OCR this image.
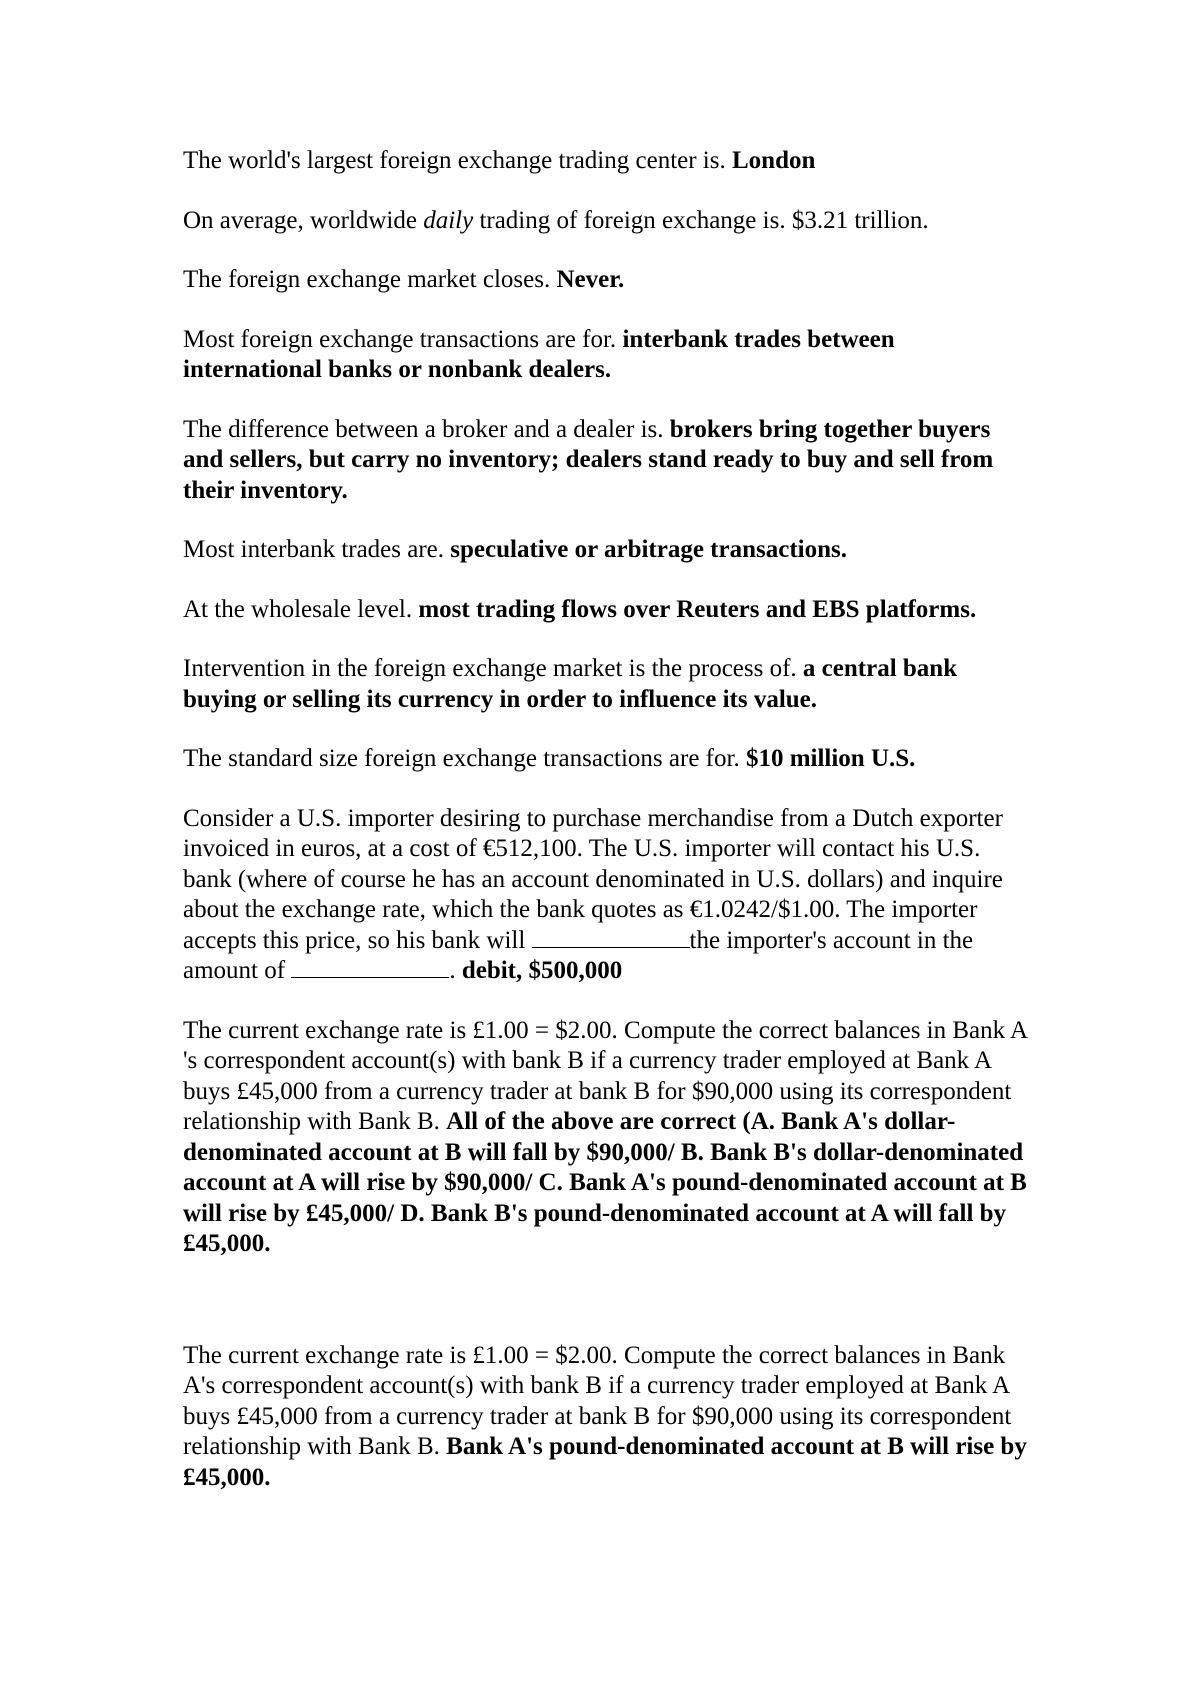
The world's largest foreign exchange trading center is. London

On average, worldwide daily trading of foreign exchange is. $3.21 trillion.

The foreign exchange market closes. Never.

Most foreign exchange transactions are for. interbank trades between international banks or nonbank dealers.

The difference between a broker and a dealer is. brokers bring together buyers and sellers, but carry no inventory; dealers stand ready to buy and sell from their inventory.

Most interbank trades are. speculative or arbitrage transactions.

At the wholesale level. most trading flows over Reuters and EBS platforms.

Intervention in the foreign exchange market is the process of. a central bank buying or selling its currency in order to influence its value.

The standard size foreign exchange transactions are for. $10 million U.S.

Consider a U.S. importer desiring to purchase merchandise from a Dutch exporter invoiced in euros, at a cost of €512,100. The U.S. importer will contact his U.S. bank (where of course he has an account denominated in U.S. dollars) and inquire about the exchange rate, which the bank quotes as €1.0242/$1.00. The importer accepts this price, so his bank will	the importer's account in the amount of	. debit, $500,000

The current exchange rate is £1.00 = $2.00. Compute the correct balances in Bank A 's correspondent account(s) with bank B if a currency trader employed at Bank A buys £45,000 from a currency trader at bank B for $90,000 using its correspondent relationship with Bank B. All of the above are correct (A. Bank A's dollar-denominated account at B will fall by $90,000/ B. Bank B's dollar-denominated account at A will rise by $90,000/ C. Bank A's pound-denominated account at B will rise by £45,000/ D. Bank B's pound-denominated account at A will fall by £45,000.

The current exchange rate is £1.00 = $2.00. Compute the correct balances in Bank A's correspondent account(s) with bank B if a currency trader employed at Bank A buys £45,000 from a currency trader at bank B for $90,000 using its correspondent relationship with Bank B. Bank A's pound-denominated account at B will rise by £45,000.
